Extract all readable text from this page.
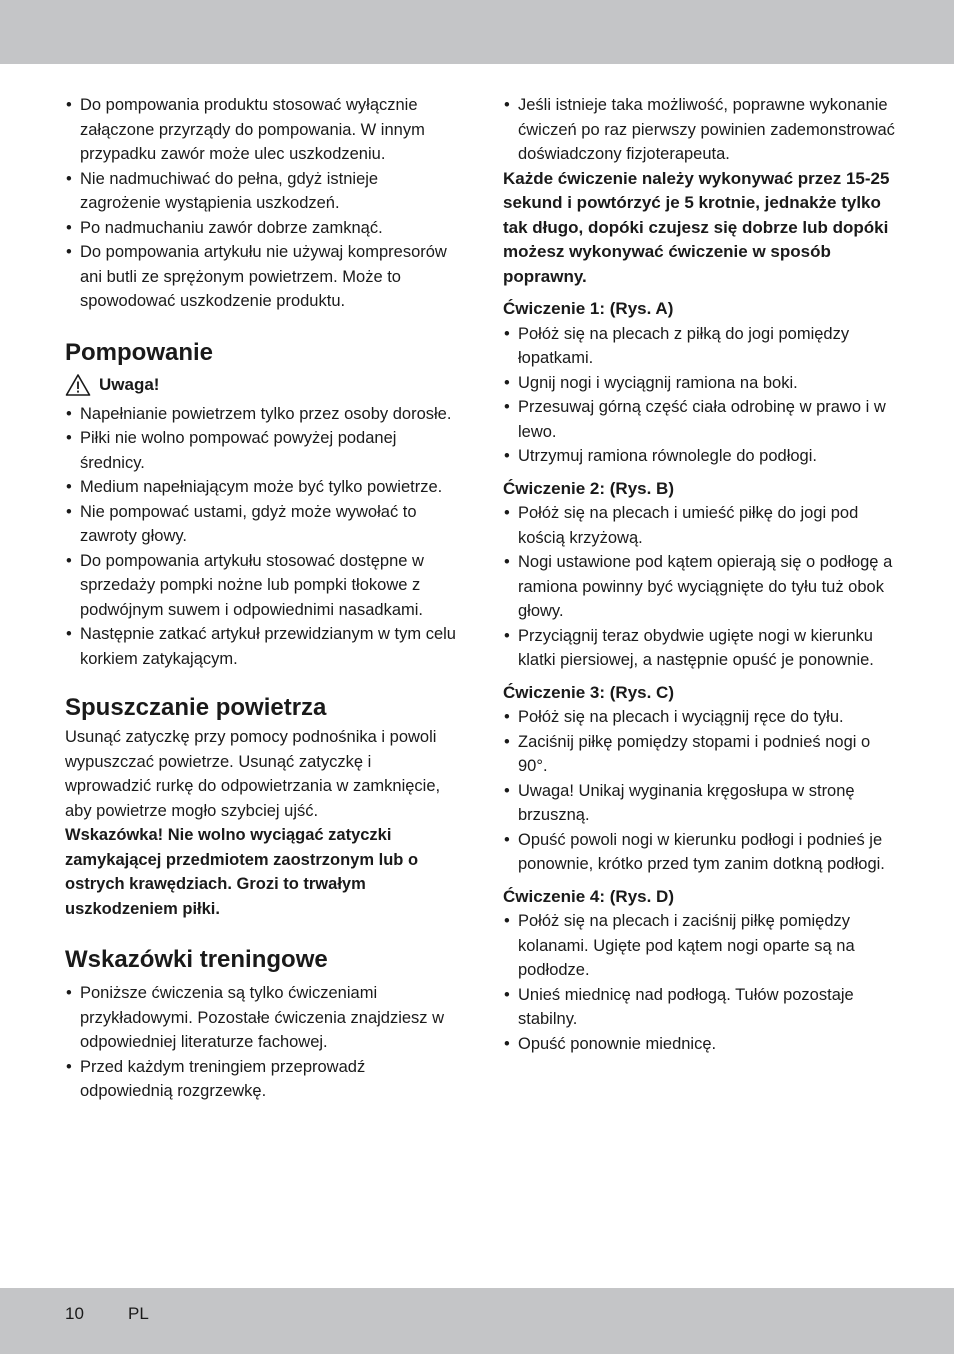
• Do pompowania produktu stosować wyłącznie załączone przyrządy do pompowania. W innym przypadku zawór może ulec uszkodzeniu.
• Nie nadmuchiwać do pełna, gdyż istnieje zagrożenie wystąpienia uszkodzeń.
• Po nadmuchaniu zawór dobrze zamknąć.
• Do pompowania artykułu nie używaj kompresorów ani butli ze sprężonym powietrzem. Może to spowodować uszkodzenie produktu.
Pompowanie
Uwaga!
• Napełnianie powietrzem tylko przez osoby dorosłe.
• Piłki nie wolno pompować powyżej podanej średnicy.
• Medium napełniającym może być tylko powietrze.
• Nie pompować ustami, gdyż może wywołać to zawroty głowy.
• Do pompowania artykułu stosować dostępne w sprzedaży pompki nożne lub pompki tłokowe z podwójnym suwem i odpowiednimi nasadkami.
• Następnie zatkać artykuł przewidzianym w tym celu korkiem zatykającym.
Spuszczanie powietrza

Usunąć zatyczkę przy pomocy podnośnika i powoli wypuszczać powietrze. Usunąć zatyczkę i wprowadzić rurkę do odpowietrzania w zamknięcie, aby powietrze mogło szybciej ujść.

Wskazówka! Nie wolno wyciągać zatyczki zamykającej przedmiotem zaostrzonym lub o ostrych krawędziach. Grozi to trwałym uszkodzeniem piłki.

Wskazówki treningowe
• Poniższe ćwiczenia są tylko ćwiczeniami przykładowymi. Pozostałe ćwiczenia znajdziesz w odpowiedniej literaturze fachowej.
• Przed każdym treningiem przeprowadź odpowiednią rozgrzewkę.
• Jeśli istnieje taka możliwość, poprawne wykonanie ćwiczeń po raz pierwszy powinien zademonstrować doświadczony fizjoterapeuta.

Każde ćwiczenie należy wykonywać przez 15-25 sekund i powtórzyć je 5 krotnie, jednakże tylko tak długo, dopóki czujesz się dobrze lub dopóki możesz wykonywać ćwiczenie w sposób poprawny.

Ćwiczenie 1: (Rys. A)
• Połóż się na plecach z piłką do jogi pomiędzy łopatkami.
• Ugnij nogi i wyciągnij ramiona na boki.
• Przesuwaj górną część ciała odrobinę w prawo i w lewo.
• Utrzymuj ramiona równolegle do podłogi.
Ćwiczenie 2: (Rys. B)
• Połóż się na plecach i umieść piłkę do jogi pod kością krzyżową.
• Nogi ustawione pod kątem opierają się o podłogę a ramiona powinny być wyciągnięte do tyłu tuż obok głowy.
• Przyciągnij teraz obydwie ugięte nogi w kierunku klatki piersiowej, a następnie opuść je ponownie.
Ćwiczenie 3: (Rys. C)
• Połóż się na plecach i wyciągnij ręce do tyłu.
• Zaciśnij piłkę pomiędzy stopami i podnieś nogi o 90°.
• Uwaga! Unikaj wyginania kręgosłupa w stronę brzuszną.
• Opuść powoli nogi w kierunku podłogi i podnieś je ponownie, krótko przed tym zanim dotkną podłogi.
Ćwiczenie 4: (Rys. D)
• Połóż się na plecach i zaciśnij piłkę pomiędzy kolanami. Ugięte pod kątem nogi oparte są na podłodze.
• Unieś miednicę nad podłogą. Tułów pozostaje stabilny.
• Opuść ponownie miednicę.
10	PL
